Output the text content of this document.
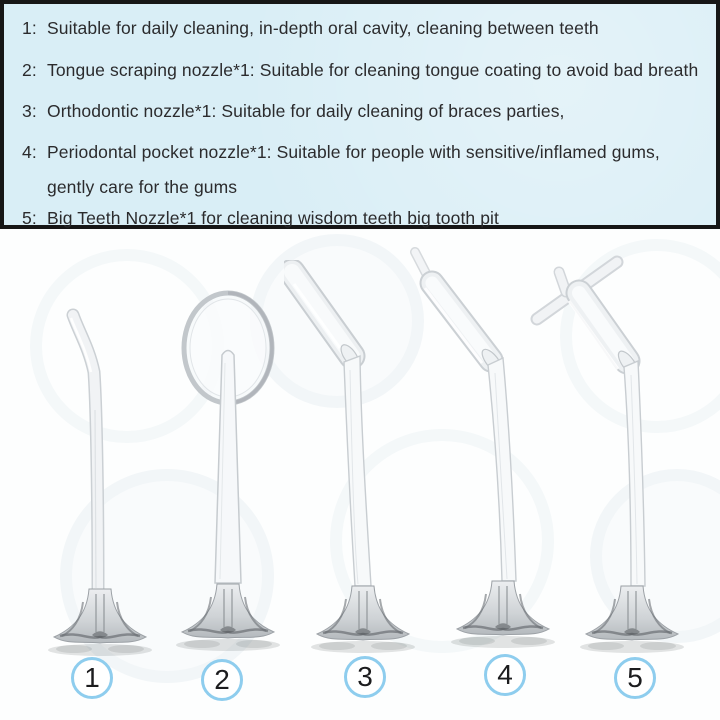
1: Suitable for daily cleaning, in-depth oral cavity, cleaning between teeth
2: Tongue scraping nozzle*1: Suitable for cleaning tongue coating to avoid bad breath
3: Orthodontic nozzle*1: Suitable for daily cleaning of braces parties,
4: Periodontal pocket nozzle*1: Suitable for people with sensitive/inflamed gums,
gently care for the gums
5: Big Teeth Nozzle*1 for cleaning wisdom teeth big tooth pit
1	2	3	4	5
